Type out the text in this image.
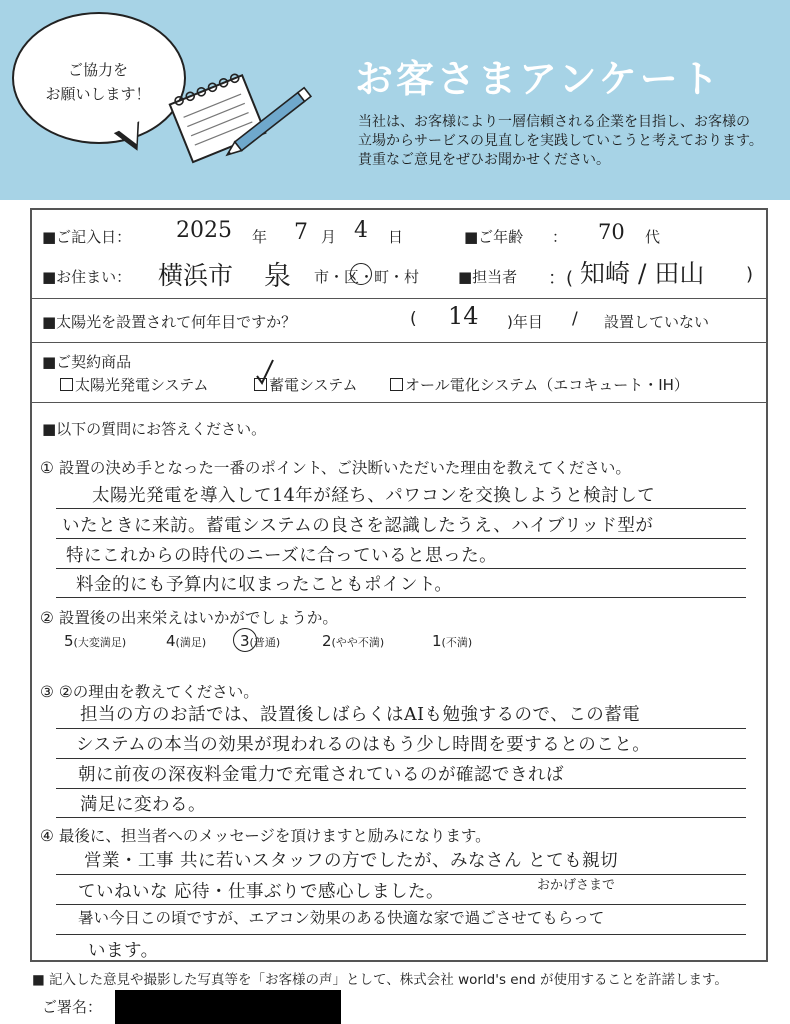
ご協力を
お願いします！	お客さまアンケート
当社は、お客様により一層信頼される企業を目指し、お客様の
立場からサービスの見直しを実践していこうと考えております。
貴重なご意見をぜひお聞かせください。
■ご記入日： 2025 年 7 月 4 日	■ご年齢 ： 70 代
■お住まい： 横浜市 泉 市・区・町・村	■担当者 ：( 知崎 / 田山 )
■太陽光を設置されて何年目ですか？	( 14 )年目 / 設置していない
■ご契約商品
太陽光発電システム	蓄電システム	オール電化システム（エコキュート・IH）
■以下の質問にお答えください。
① 設置の決め手となった一番のポイント、ご決断いただいた理由を教えてください。
太陽光発電を導入して14年が経ち、パワコンを交換しようと検討して
いたときに来訪。蓄電システムの良さを認識したうえ、ハイブリッド型が
特にこれからの時代のニーズに合っていると思った。
料金的にも予算内に収まったこともポイント。
② 設置後の出来栄えはいかがでしょうか。
5(大変満足)	4(満足) 3(普通)	2(やや不満)	1(不満)
③ ②の理由を教えてください。
担当の方のお話では、設置後しばらくはAIも勉強するので、この蓄電
システムの本当の効果が現われるのはもう少し時間を要するとのこと。
朝に前夜の深夜料金電力で充電されているのが確認できれば
満足に変わる。
④ 最後に、担当者へのメッセージを頂けますと励みになります。
営業・工事 共に若いスタッフの方でしたが、みなさん とても親切
おかげさまで
ていねいな 応待・仕事ぶりで感心しました。
暑い今日この頃ですが、エアコン効果のある快適な家で過ごさせてもらって
います。
■ 記入した意見や撮影した写真等を「お客様の声」として、株式会社 world's end が使用することを許諾します。
ご署名：
